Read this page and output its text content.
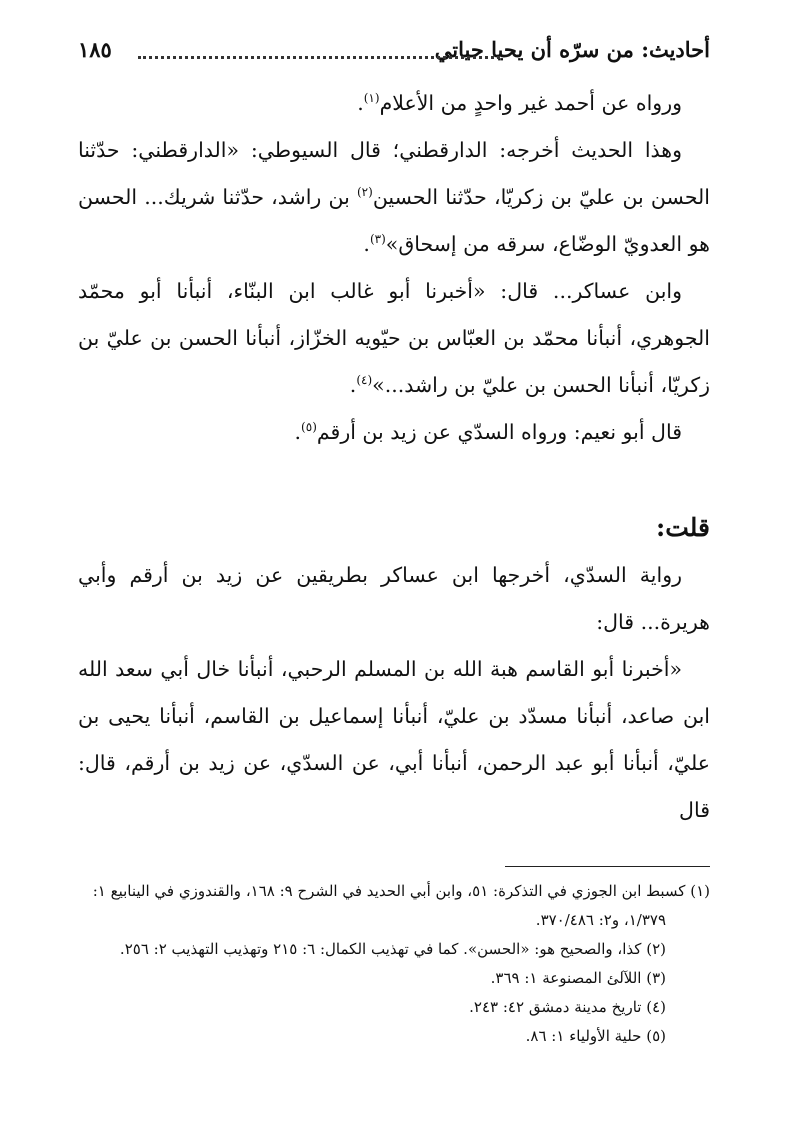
أحاديث: من سرّه أن يحيا حياتي
١٨٥

ورواه عن أحمد غير واحدٍ من الأعلام$^{(١)}$.

وهذا الحديث أخرجه: الدارقطني؛ قال السيوطي: «الدارقطني: حدّثنا الحسن بن عليّ بن زكريّا، حدّثنا الحسين$^{(٢)}$ بن راشد، حدّثنا شريك... الحسن هو العدويّ الوضّاع، سرقه من إسحاق»$^{(٣)}$.

وابن عساكر... قال: «أخبرنا أبو غالب ابن البنّاء، أنبأنا أبو محمّد الجوهري، أنبأنا محمّد بن العبّاس بن حيّويه الخزّاز، أنبأنا الحسن بن عليّ بن زكريّا، أنبأنا الحسن بن عليّ بن راشد...»$^{(٤)}$.

قال أبو نعيم: ورواه السدّي عن زيد بن أرقم$^{(٥)}$.

قلت:

رواية السدّي، أخرجها ابن عساكر بطريقين عن زيد بن أرقم وأبي هريرة... قال:

«أخبرنا أبو القاسم هبة الله بن المسلم الرحبي، أنبأنا خال أبي سعد الله ابن صاعد، أنبأنا مسدّد بن عليّ، أنبأنا إسماعيل بن القاسم، أنبأنا يحيى بن عليّ، أنبأنا أبو عبد الرحمن، أنبأنا أبي، عن السدّي، عن زيد بن أرقم، قال: قال

(١) كسبط ابن الجوزي في التذكرة: ٥١، وابن أبي الحديد في الشرح ٩: ١٦٨، والقندوزي في الينابيع ١:

١/٣٧٩، و٢: ٣٧٠/٤٨٦.

(٢) كذا، والصحيح هو: «الحسن». كما في تهذيب الكمال: ٦: ٢١٥ وتهذيب التهذيب ٢: ٢٥٦.

(٣) اللآلئ المصنوعة ١: ٣٦٩.

(٤) تاريخ مدينة دمشق ٤٢: ٢٤٣.

(٥) حلية الأولياء ١: ٨٦.
